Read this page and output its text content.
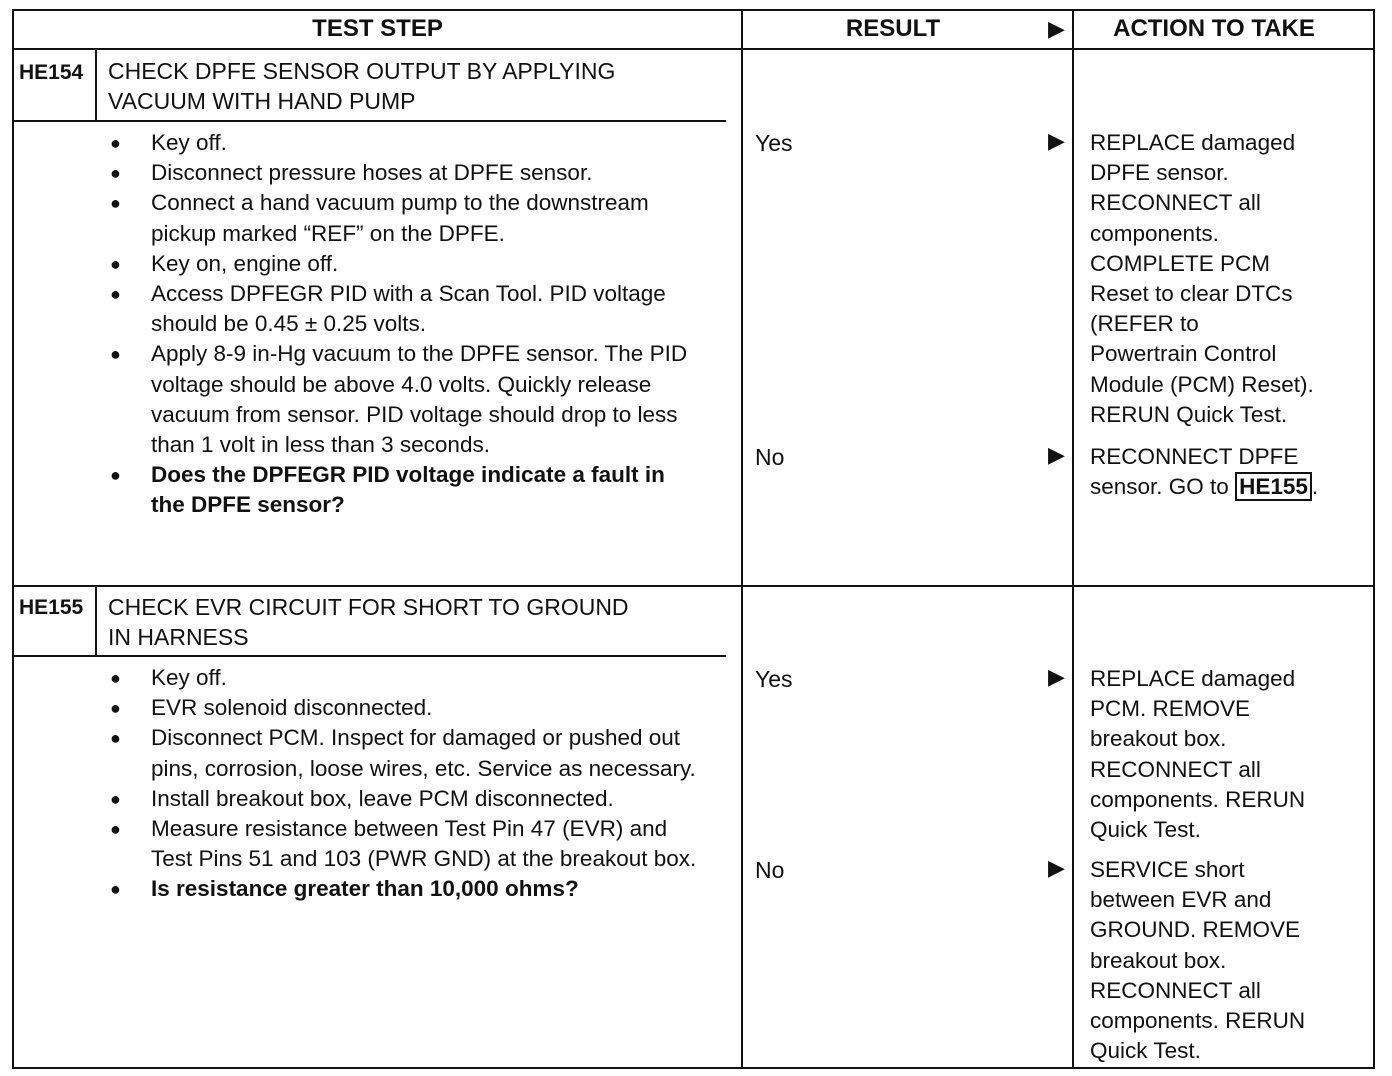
TEST STEP	RESULT	▶	ACTION TO TAKE
HE154 CHECK DPFE SENSOR OUTPUT BY APPLYING
VACUUM WITH HAND PUMP
● Key off.
● Disconnect pressure hoses at DPFE sensor.
● Connect a hand vacuum pump to the downstream pickup marked “REF” on the DPFE.
● Key on, engine off.
● Access DPFEGR PID with a Scan Tool. PID voltage should be 0.45 ± 0.25 volts.
● Apply 8-9 in-Hg vacuum to the DPFE sensor. The PID voltage should be above 4.0 volts. Quickly release vacuum from sensor. PID voltage should drop to less than 1 volt in less than 3 seconds.
● Does the DPFEGR PID voltage indicate a fault in the DPFE sensor?
Yes	▶ REPLACE damaged
DPFE sensor.
RECONNECT all
components.
COMPLETE PCM
Reset to clear DTCs
(REFER to
Powertrain Control
Module (PCM) Reset).
RERUN Quick Test.
No	▶ RECONNECT DPFE
sensor. GO to HE155 .
HE155 CHECK EVR CIRCUIT FOR SHORT TO GROUND
IN HARNESS
● Key off.
● EVR solenoid disconnected.
● Disconnect PCM. Inspect for damaged or pushed out pins, corrosion, loose wires, etc. Service as necessary.
● Install breakout box, leave PCM disconnected.
● Measure resistance between Test Pin 47 (EVR) and Test Pins 51 and 103 (PWR GND) at the breakout box.
● Is resistance greater than 10,000 ohms?
Yes	▶ REPLACE damaged
PCM. REMOVE
breakout box.
RECONNECT all
components. RERUN
Quick Test.
No	▶ SERVICE short
between EVR and
GROUND. REMOVE
breakout box.
RECONNECT all
components. RERUN
Quick Test.
